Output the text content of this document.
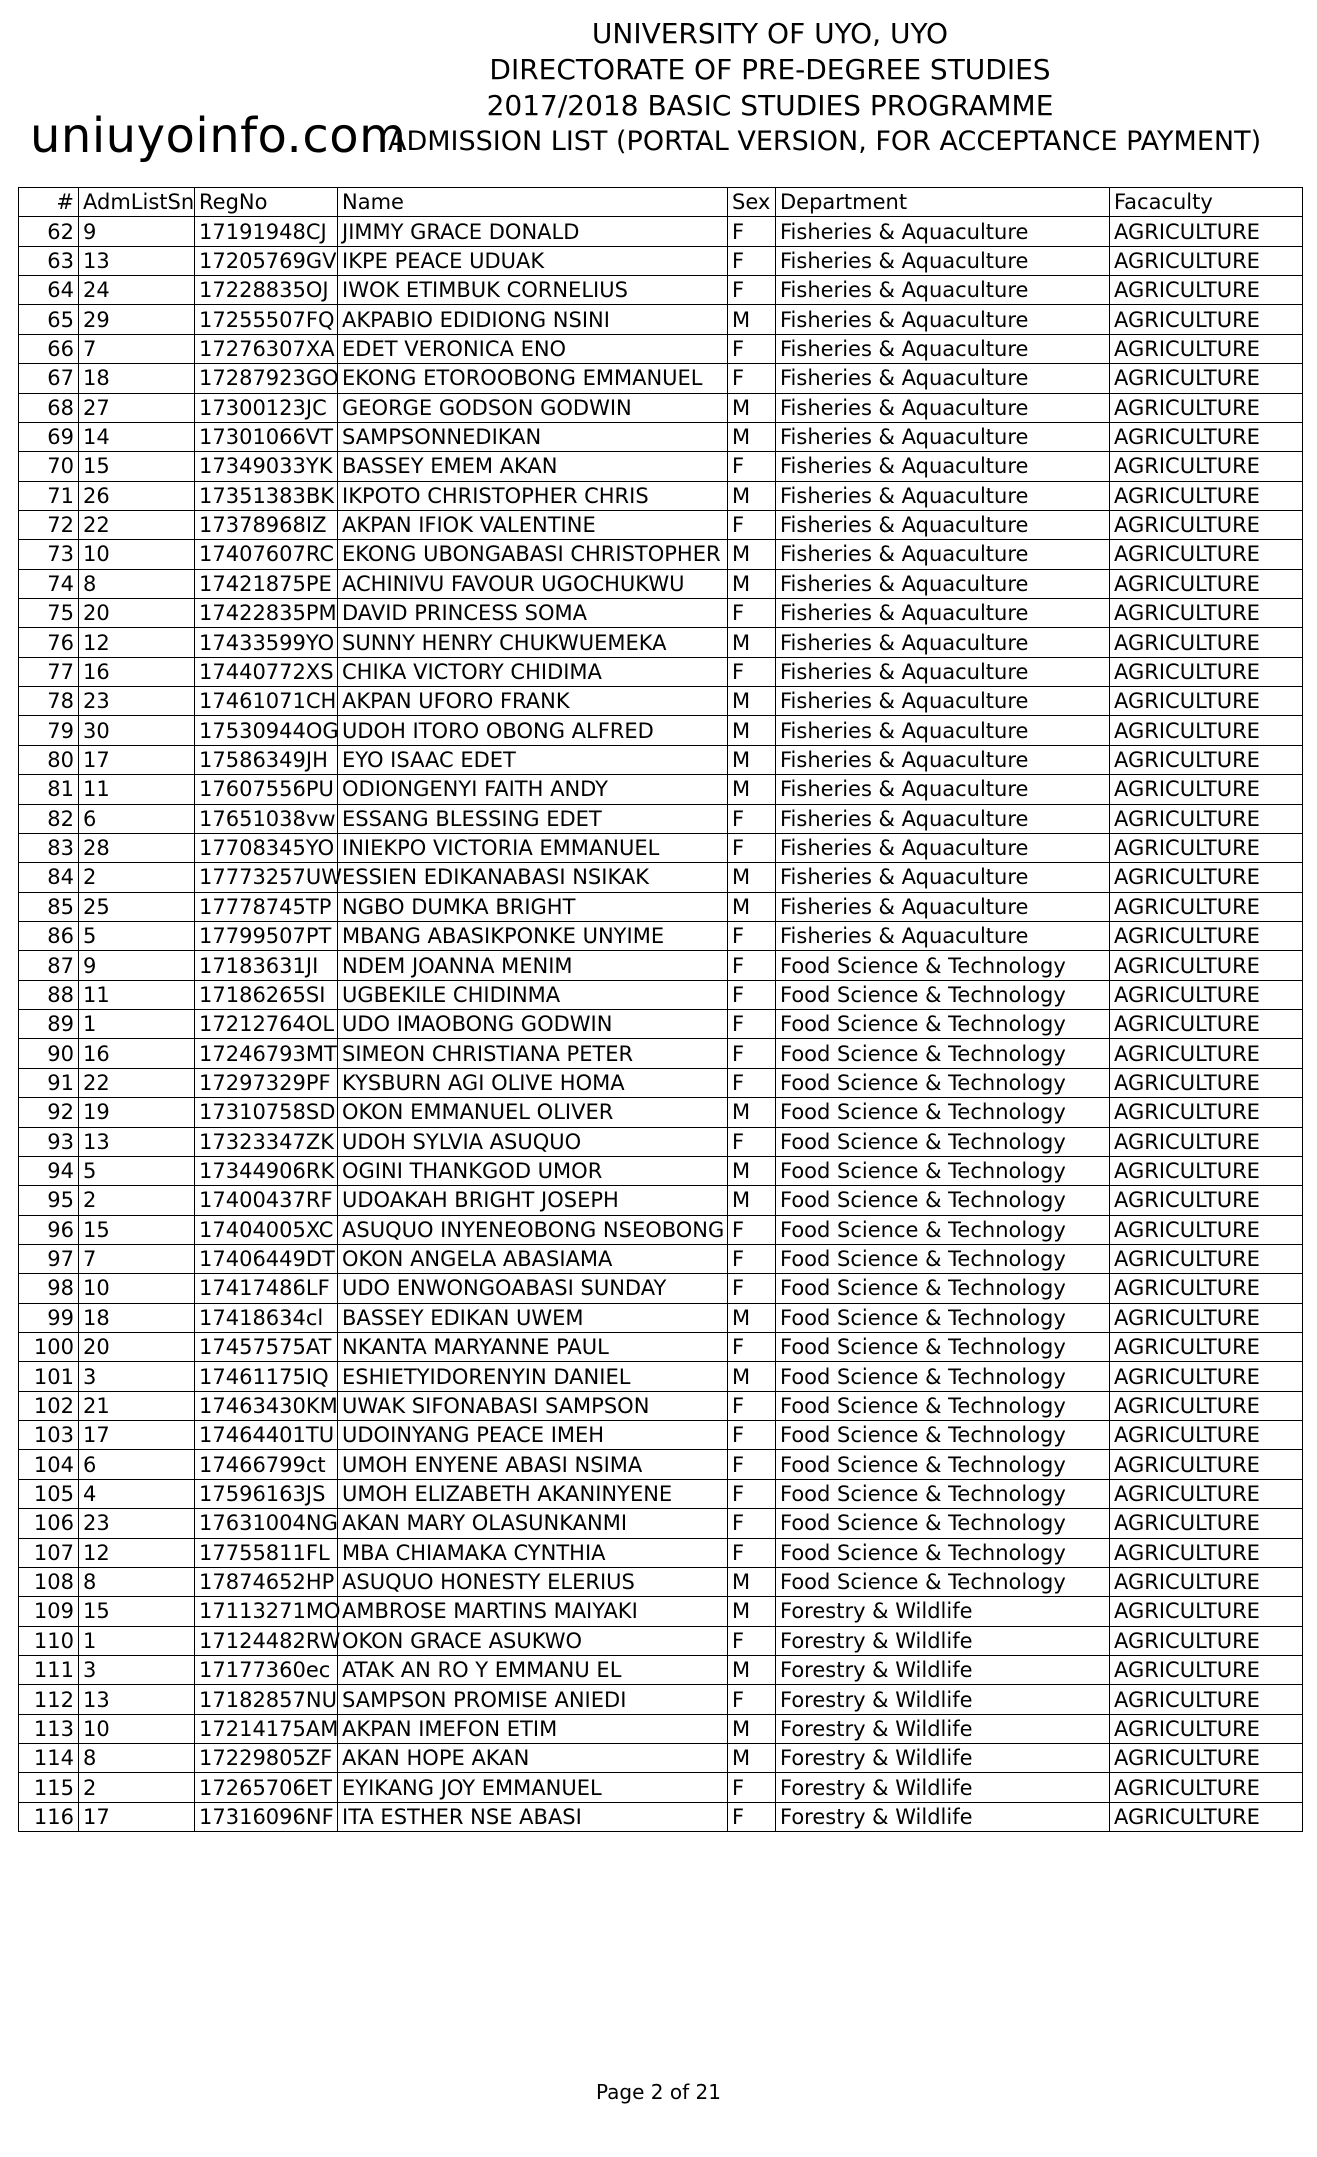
uniuyoinfo.com
UNIVERSITY OF UYO, UYO
DIRECTORATE OF PRE-DEGREE STUDIES
2017/2018 BASIC STUDIES PROGRAMME
ADMISSION LIST (PORTAL VERSION, FOR ACCEPTANCE PAYMENT)
#	AdmListSn	RegNo	Name	Sex	Department	Facaculty
62	9	17191948CJ	JIMMY GRACE DONALD	F	Fisheries & Aquaculture	AGRICULTURE
63	13	17205769GV	IKPE PEACE UDUAK	F	Fisheries & Aquaculture	AGRICULTURE
64	24	17228835OJ	IWOK ETIMBUK CORNELIUS	F	Fisheries & Aquaculture	AGRICULTURE
65	29	17255507FQ	AKPABIO EDIDIONG NSINI	M	Fisheries & Aquaculture	AGRICULTURE
66	7	17276307XA	EDET VERONICA ENO	F	Fisheries & Aquaculture	AGRICULTURE
67	18	17287923GO	EKONG ETOROOBONG EMMANUEL	F	Fisheries & Aquaculture	AGRICULTURE
68	27	17300123JC	GEORGE GODSON GODWIN	M	Fisheries & Aquaculture	AGRICULTURE
69	14	17301066VT	SAMPSONNEDIKAN	M	Fisheries & Aquaculture	AGRICULTURE
70	15	17349033YK	BASSEY EMEM AKAN	F	Fisheries & Aquaculture	AGRICULTURE
71	26	17351383BK	IKPOTO CHRISTOPHER CHRIS	M	Fisheries & Aquaculture	AGRICULTURE
72	22	17378968IZ	AKPAN IFIOK VALENTINE	F	Fisheries & Aquaculture	AGRICULTURE
73	10	17407607RC	EKONG UBONGABASI CHRISTOPHER	M	Fisheries & Aquaculture	AGRICULTURE
74	8	17421875PE	ACHINIVU FAVOUR UGOCHUKWU	M	Fisheries & Aquaculture	AGRICULTURE
75	20	17422835PM	DAVID PRINCESS SOMA	F	Fisheries & Aquaculture	AGRICULTURE
76	12	17433599YO	SUNNY HENRY CHUKWUEMEKA	M	Fisheries & Aquaculture	AGRICULTURE
77	16	17440772XS	CHIKA VICTORY CHIDIMA	F	Fisheries & Aquaculture	AGRICULTURE
78	23	17461071CH	AKPAN UFORO FRANK	M	Fisheries & Aquaculture	AGRICULTURE
79	30	17530944OG	UDOH ITORO OBONG ALFRED	M	Fisheries & Aquaculture	AGRICULTURE
80	17	17586349JH	EYO ISAAC EDET	M	Fisheries & Aquaculture	AGRICULTURE
81	11	17607556PU	ODIONGENYI FAITH ANDY	M	Fisheries & Aquaculture	AGRICULTURE
82	6	17651038vw	ESSANG BLESSING EDET	F	Fisheries & Aquaculture	AGRICULTURE
83	28	17708345YO	INIEKPO VICTORIA EMMANUEL	F	Fisheries & Aquaculture	AGRICULTURE
84	2	17773257UW	ESSIEN EDIKANABASI NSIKAK	M	Fisheries & Aquaculture	AGRICULTURE
85	25	17778745TP	NGBO DUMKA BRIGHT	M	Fisheries & Aquaculture	AGRICULTURE
86	5	17799507PT	MBANG ABASIKPONKE UNYIME	F	Fisheries & Aquaculture	AGRICULTURE
87	9	17183631JI	NDEM JOANNA MENIM	F	Food Science & Technology	AGRICULTURE
88	11	17186265SI	UGBEKILE CHIDINMA	F	Food Science & Technology	AGRICULTURE
89	1	17212764OL	UDO IMAOBONG GODWIN	F	Food Science & Technology	AGRICULTURE
90	16	17246793MT	SIMEON CHRISTIANA PETER	F	Food Science & Technology	AGRICULTURE
91	22	17297329PF	KYSBURN AGI OLIVE HOMA	F	Food Science & Technology	AGRICULTURE
92	19	17310758SD	OKON EMMANUEL OLIVER	M	Food Science & Technology	AGRICULTURE
93	13	17323347ZK	UDOH SYLVIA ASUQUO	F	Food Science & Technology	AGRICULTURE
94	5	17344906RK	OGINI THANKGOD UMOR	M	Food Science & Technology	AGRICULTURE
95	2	17400437RF	UDOAKAH BRIGHT JOSEPH	M	Food Science & Technology	AGRICULTURE
96	15	17404005XC	ASUQUO INYENEOBONG NSEOBONG	F	Food Science & Technology	AGRICULTURE
97	7	17406449DT	OKON ANGELA ABASIAMA	F	Food Science & Technology	AGRICULTURE
98	10	17417486LF	UDO ENWONGOABASI SUNDAY	F	Food Science & Technology	AGRICULTURE
99	18	17418634cl	BASSEY EDIKAN UWEM	M	Food Science & Technology	AGRICULTURE
100	20	17457575AT	NKANTA MARYANNE PAUL	F	Food Science & Technology	AGRICULTURE
101	3	17461175IQ	ESHIETYIDORENYIN DANIEL	M	Food Science & Technology	AGRICULTURE
102	21	17463430KM	UWAK SIFONABASI SAMPSON	F	Food Science & Technology	AGRICULTURE
103	17	17464401TU	UDOINYANG PEACE IMEH	F	Food Science & Technology	AGRICULTURE
104	6	17466799ct	UMOH ENYENE ABASI NSIMA	F	Food Science & Technology	AGRICULTURE
105	4	17596163JS	UMOH ELIZABETH AKANINYENE	F	Food Science & Technology	AGRICULTURE
106	23	17631004NG	AKAN MARY OLASUNKANMI	F	Food Science & Technology	AGRICULTURE
107	12	17755811FL	MBA CHIAMAKA CYNTHIA	F	Food Science & Technology	AGRICULTURE
108	8	17874652HP	ASUQUO HONESTY ELERIUS	M	Food Science & Technology	AGRICULTURE
109	15	17113271MO	AMBROSE MARTINS MAIYAKI	M	Forestry & Wildlife	AGRICULTURE
110	1	17124482RW	OKON GRACE ASUKWO	F	Forestry & Wildlife	AGRICULTURE
111	3	17177360ec	ATAK AN RO Y EMMANU EL	M	Forestry & Wildlife	AGRICULTURE
112	13	17182857NU	SAMPSON PROMISE ANIEDI	F	Forestry & Wildlife	AGRICULTURE
113	10	17214175AM	AKPAN IMEFON ETIM	M	Forestry & Wildlife	AGRICULTURE
114	8	17229805ZF	AKAN HOPE AKAN	M	Forestry & Wildlife	AGRICULTURE
115	2	17265706ET	EYIKANG JOY EMMANUEL	F	Forestry & Wildlife	AGRICULTURE
116	17	17316096NF	ITA ESTHER NSE ABASI	F	Forestry & Wildlife	AGRICULTURE
Page 2 of 21
